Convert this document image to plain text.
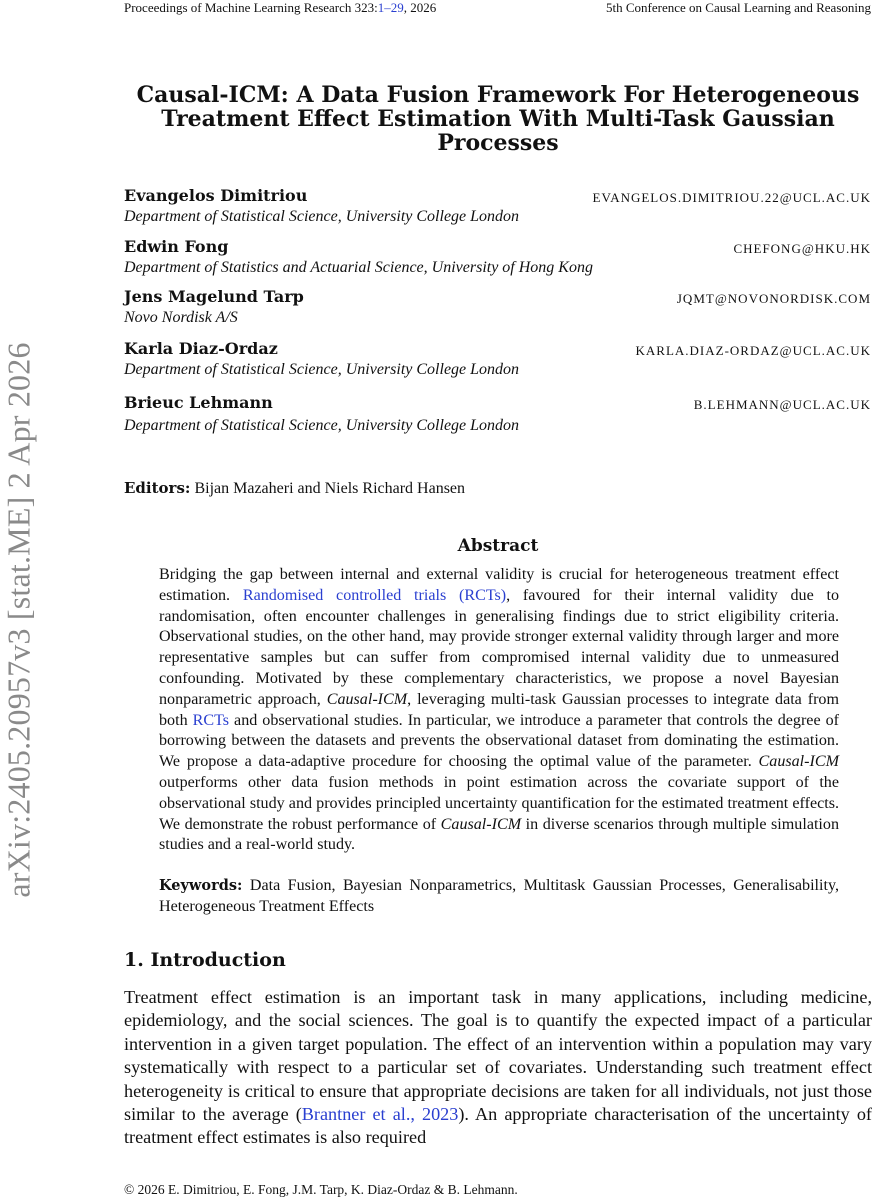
Proceedings of Machine Learning Research 323:1–29, 2026	5th Conference on Causal Learning and Reasoning
arXiv:2405.20957v3 [stat.ME] 2 Apr 2026
Causal-ICM: A Data Fusion Framework For Heterogeneous Treatment Effect Estimation With Multi-Task Gaussian Processes
Evangelos Dimitriou	EVANGELOS.DIMITRIOU.22@UCL.AC.UK
Department of Statistical Science, University College London
Edwin Fong	CHEFONG@HKU.HK
Department of Statistics and Actuarial Science, University of Hong Kong
Jens Magelund Tarp	JQMT@NOVONORDISK.COM
Novo Nordisk A/S
Karla Diaz-Ordaz	KARLA.DIAZ-ORDAZ@UCL.AC.UK
Department of Statistical Science, University College London
Brieuc Lehmann	B.LEHMANN@UCL.AC.UK
Department of Statistical Science, University College London
Editors: Bijan Mazaheri and Niels Richard Hansen
Abstract
Bridging the gap between internal and external validity is crucial for heterogeneous treatment effect estimation. Randomised controlled trials (RCTs), favoured for their internal validity due to randomisation, often encounter challenges in generalising findings due to strict eligibility criteria. Observational studies, on the other hand, may provide stronger external validity through larger and more representative samples but can suffer from compromised internal validity due to unmeasured confounding. Motivated by these complementary characteristics, we propose a novel Bayesian nonparametric approach, Causal-ICM, leveraging multi-task Gaussian processes to integrate data from both RCTs and observational studies. In particular, we introduce a parameter that controls the degree of borrowing between the datasets and prevents the observational dataset from dominating the estimation. We propose a data-adaptive procedure for choosing the optimal value of the parameter. Causal-ICM outperforms other data fusion methods in point estimation across the covariate support of the observational study and provides principled uncertainty quantification for the estimated treatment effects. We demonstrate the robust performance of Causal-ICM in diverse scenarios through multiple simulation studies and a real-world study.
Keywords: Data Fusion, Bayesian Nonparametrics, Multitask Gaussian Processes, Generalisability, Heterogeneous Treatment Effects
1. Introduction
Treatment effect estimation is an important task in many applications, including medicine, epidemiology, and the social sciences. The goal is to quantify the expected impact of a particular intervention in a given target population. The effect of an intervention within a population may vary systematically with respect to a particular set of covariates. Understanding such treatment effect heterogeneity is critical to ensure that appropriate decisions are taken for all individuals, not just those similar to the average (Brantner et al., 2023). An appropriate characterisation of the uncertainty of treatment effect estimates is also required
© 2026 E. Dimitriou, E. Fong, J.M. Tarp, K. Diaz-Ordaz & B. Lehmann.
